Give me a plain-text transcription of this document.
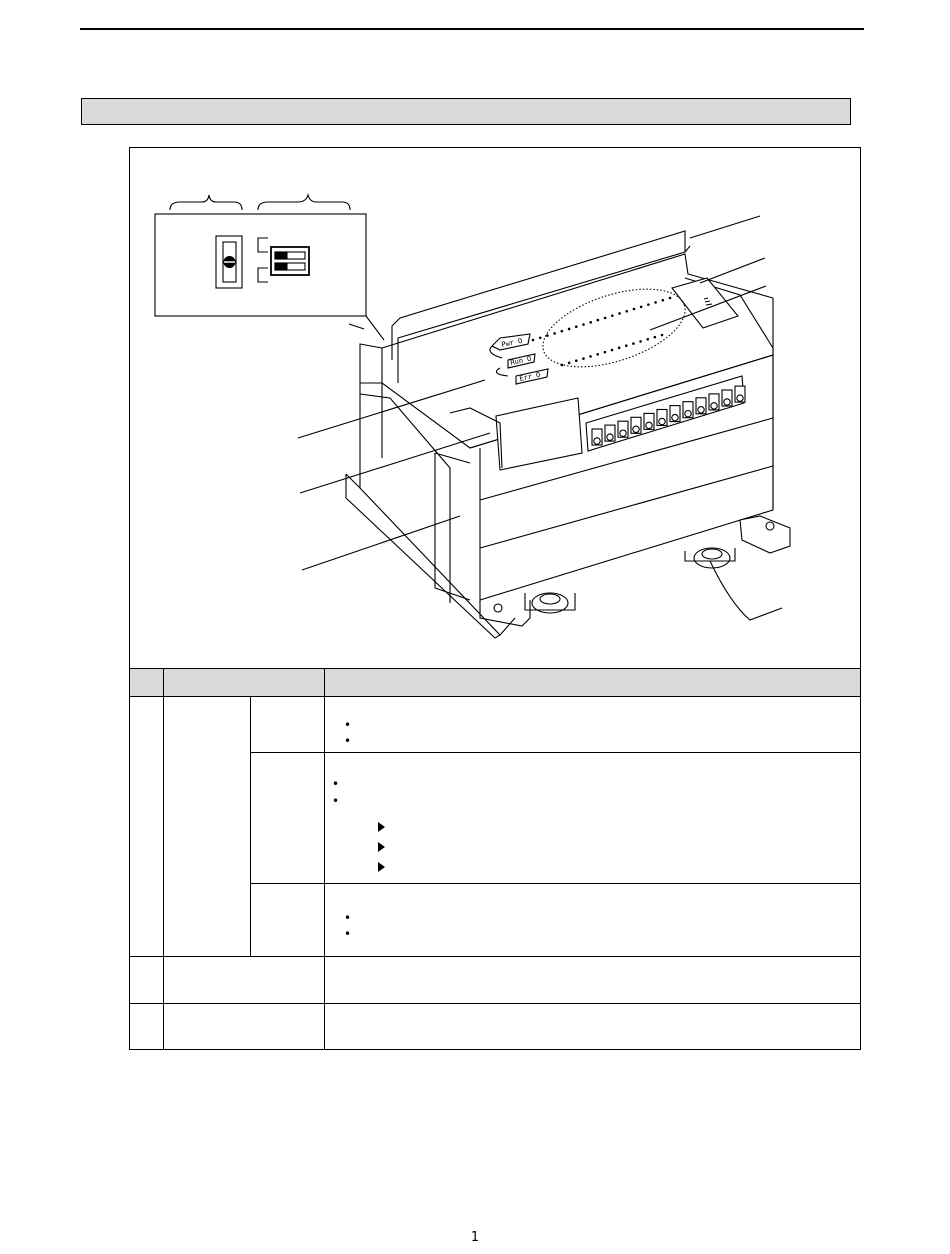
Pwr O
Run O
Err O
•
•
•
•
•
•
1
